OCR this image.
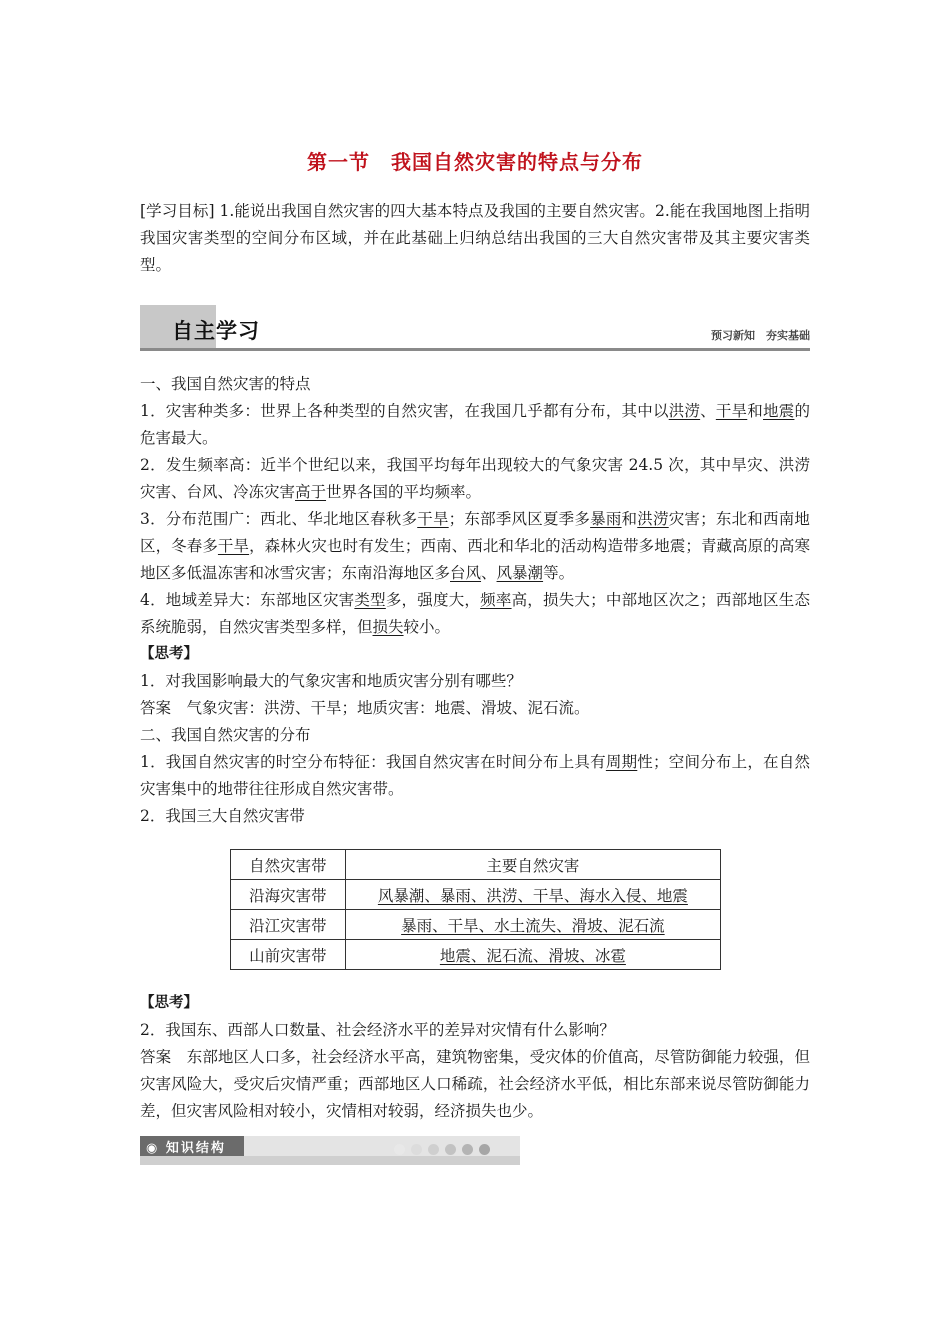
第一节　我国自然灾害的特点与分布

[学习目标] 1.能说出我国自然灾害的四大基本特点及我国的主要自然灾害。2.能在我国地图上指明我国灾害类型的空间分布区域，并在此基础上归纳总结出我国的三大自然灾害带及其主要灾害类型。

自主学习	预习新知　夯实基础

一、我国自然灾害的特点

1．灾害种类多：世界上各种类型的自然灾害，在我国几乎都有分布，其中以洪涝、干旱和地震的危害最大。

2．发生频率高：近半个世纪以来，我国平均每年出现较大的气象灾害 24.5 次，其中旱灾、洪涝灾害、台风、冷冻灾害高于世界各国的平均频率。

3．分布范围广：西北、华北地区春秋多干旱；东部季风区夏季多暴雨和洪涝灾害；东北和西南地区，冬春多干旱，森林火灾也时有发生；西南、西北和华北的活动构造带多地震；青藏高原的高寒地区多低温冻害和冰雪灾害；东南沿海地区多台风、风暴潮等。

4．地域差异大：东部地区灾害类型多，强度大，频率高，损失大；中部地区次之；西部地区生态系统脆弱，自然灾害类型多样，但损失较小。

【思考】

1．对我国影响最大的气象灾害和地质灾害分别有哪些？

答案　气象灾害：洪涝、干旱；地质灾害：地震、滑坡、泥石流。

二、我国自然灾害的分布

1．我国自然灾害的时空分布特征：我国自然灾害在时间分布上具有周期性；空间分布上，在自然灾害集中的地带往往形成自然灾害带。

2．我国三大自然灾害带

自然灾害带	主要自然灾害
沿海灾害带	风暴潮、暴雨、洪涝、干旱、海水入侵、地震
沿江灾害带	暴雨、干旱、水土流失、滑坡、泥石流
山前灾害带	地震、泥石流、滑坡、冰雹

【思考】

2．我国东、西部人口数量、社会经济水平的差异对灾情有什么影响？

答案　东部地区人口多，社会经济水平高，建筑物密集，受灾体的价值高，尽管防御能力较强，但灾害风险大，受灾后灾情严重；西部地区人口稀疏，社会经济水平低，相比东部来说尽管防御能力差，但灾害风险相对较小，灾情相对较弱，经济损失也少。

◉ 知识结构
